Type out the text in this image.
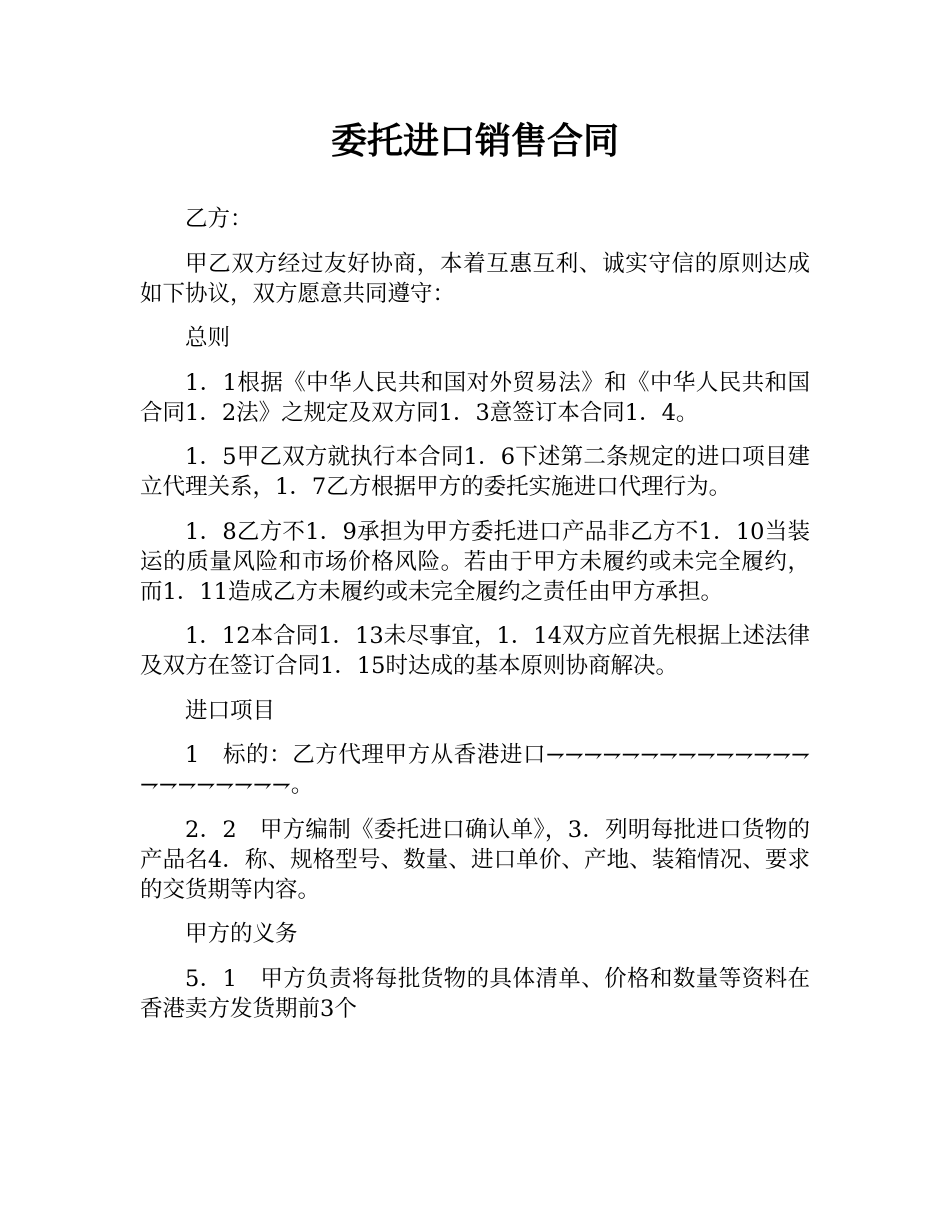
委托进口销售合同

乙方：

甲乙双方经过友好协商，本着互惠互利、诚实守信的原则达成如下协议，双方愿意共同遵守：

总则

1．1根据《中华人民共和国对外贸易法》和《中华人民共和国合同1．2法》之规定及双方同1．3意签订本合同1．4。

1．5甲乙双方就执行本合同1．6下述第二条规定的进口项目建立代理关系，1．7乙方根据甲方的委托实施进口代理行为。

1．8乙方不1．9承担为甲方委托进口产品非乙方不1．10当装运的质量风险和市场价格风险。若由于甲方未履约或未完全履约，而1．11造成乙方未履约或未完全履约之责任由甲方承担。

1．12本合同1．13未尽事宜，1．14双方应首先根据上述法律及双方在签订合同1．15时达成的基本原则协商解决。

进口项目

1　标的：乙方代理甲方从香港进口⇁⇁⇁⇁⇁⇁⇁⇁⇁⇁⇁⇁⇁⇁⇁⇁⇁⇁⇁⇁⇁⇁。

2．2　甲方编制《委托进口确认单》，3．列明每批进口货物的产品名4．称、规格型号、数量、进口单价、产地、装箱情况、要求的交货期等内容。

甲方的义务

5．1　甲方负责将每批货物的具体清单、价格和数量等资料在香港卖方发货期前3个
